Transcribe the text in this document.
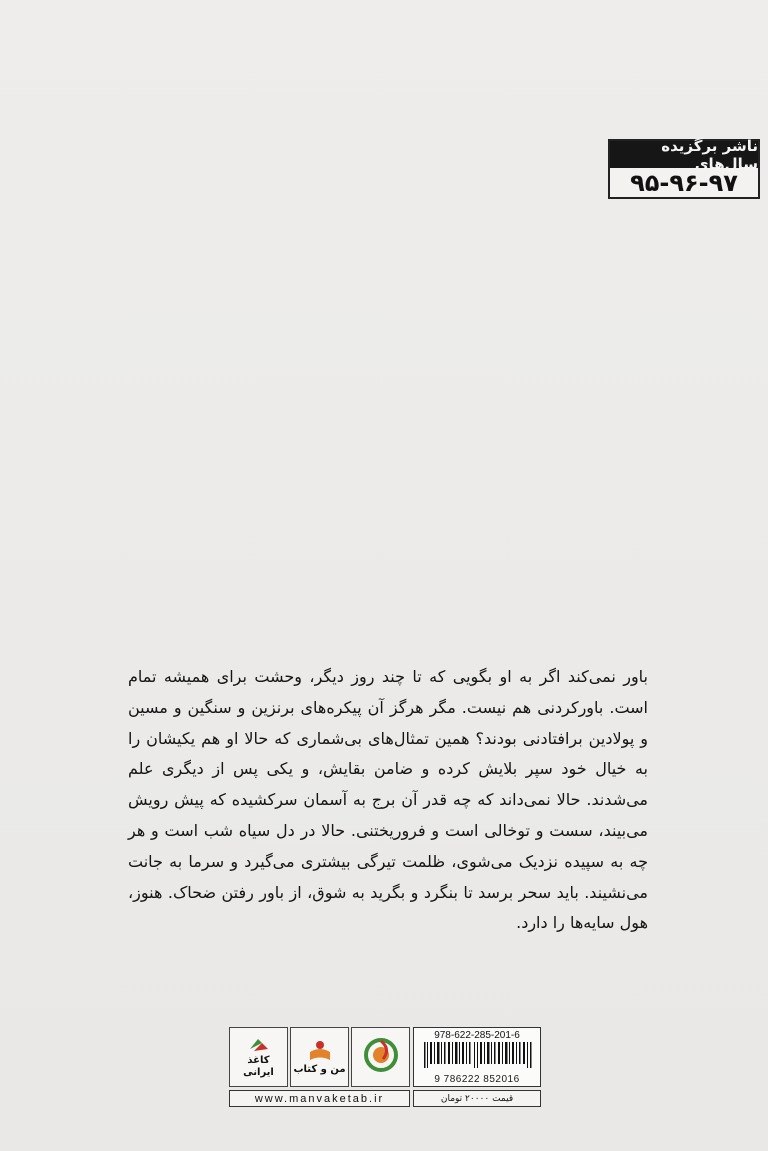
ناشر برگزیده سال‌های
۹۵-۹۶-۹۷

باور نمی‌کند اگر به او بگویی که تا چند روز دیگر، وحشت برای همیشه تمام است. باورکردنی هم نیست. مگر هرگز آن پیکره‌های برنزین و سنگین و مسین و پولادین برافتادنی بودند؟ همین تمثال‌های بی‌شماری که حالا او هم یکیشان را به خیال خود سپر بلایش کرده و ضامن بقایش، و یکی پس از دیگری علم می‌شدند. حالا نمی‌داند که چه قدر آن برج به آسمان سرکشیده که پیش رویش می‌بیند، سست و توخالی است و فروریختنی. حالا در دل سیاه شب است و هر چه به سپیده نزدیک می‌شوی، ظلمت تیرگی بیشتری می‌گیرد و سرما به جانت می‌نشیند. باید سحر برسد تا بنگرد و بگرید به شوق، از باور رفتن ضحاک. هنوز، هول سایه‌ها را دارد.

کاغذ
ایرانی من و کتاب
978-622-285-201-6
9 786222 852016
www.manvaketab.ir	قیمت ۲۰۰۰۰ تومان
